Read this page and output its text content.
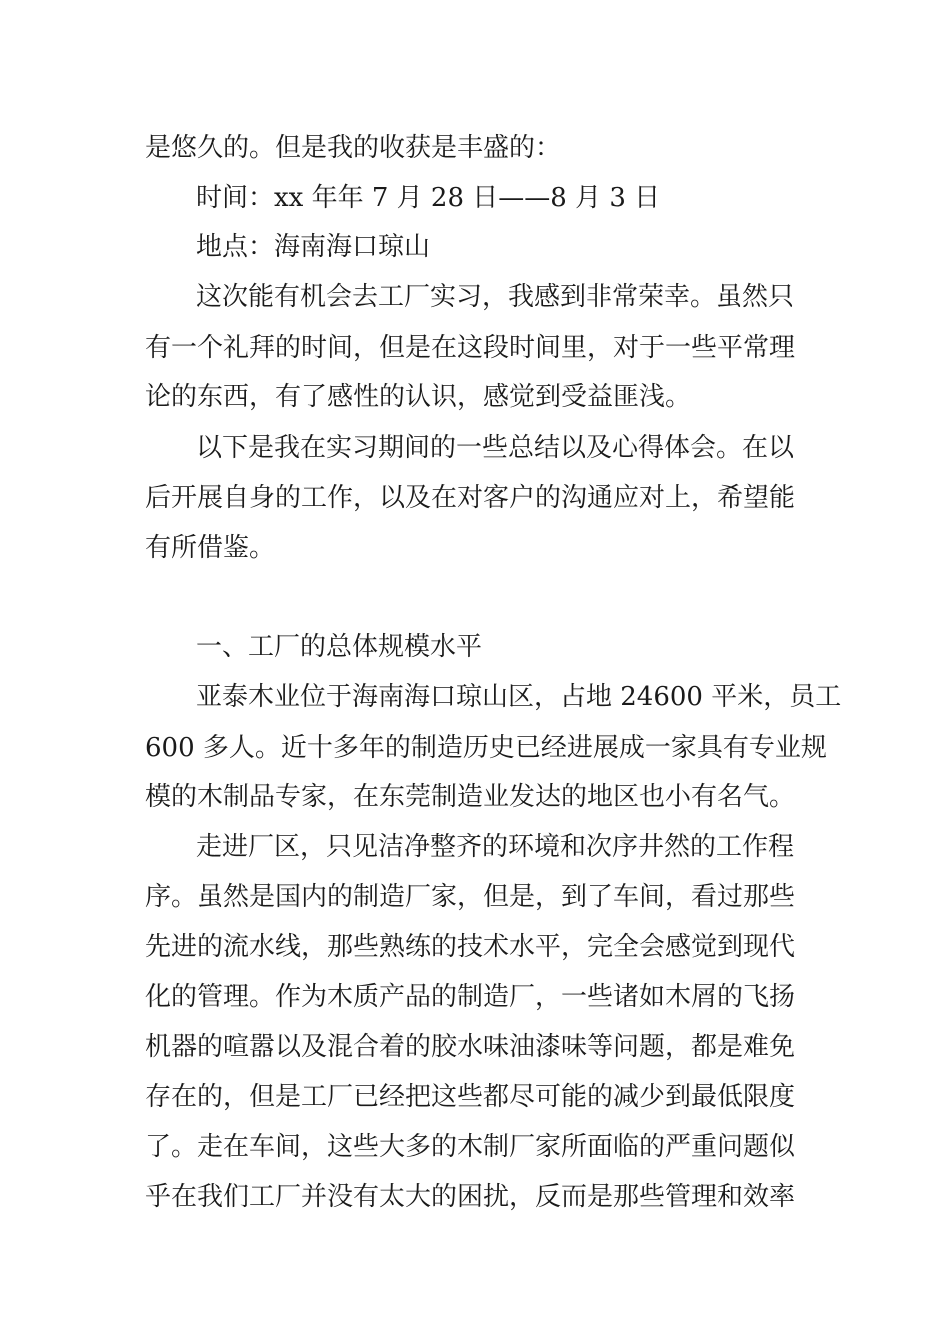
是悠久的。但是我的收获是丰盛的：

时间：xx 年年 7 月 28 日——8 月 3 日

地点：海南海口琼山

这次能有机会去工厂实习，我感到非常荣幸。虽然只

有一个礼拜的时间，但是在这段时间里，对于一些平常理

论的东西，有了感性的认识，感觉到受益匪浅。

以下是我在实习期间的一些总结以及心得体会。在以

后开展自身的工作，以及在对客户的沟通应对上，希望能

有所借鉴。

一、工厂的总体规模水平

亚泰木业位于海南海口琼山区，占地 24600 平米，员工

600 多人。近十多年的制造历史已经进展成一家具有专业规

模的木制品专家，在东莞制造业发达的地区也小有名气。

走进厂区，只见洁净整齐的环境和次序井然的工作程

序。虽然是国内的制造厂家，但是，到了车间，看过那些

先进的流水线，那些熟练的技术水平，完全会感觉到现代

化的管理。作为木质产品的制造厂，一些诸如木屑的飞扬

机器的喧嚣以及混合着的胶水味油漆味等问题，都是难免

存在的，但是工厂已经把这些都尽可能的减少到最低限度

了。走在车间，这些大多的木制厂家所面临的严重问题似

乎在我们工厂并没有太大的困扰，反而是那些管理和效率
